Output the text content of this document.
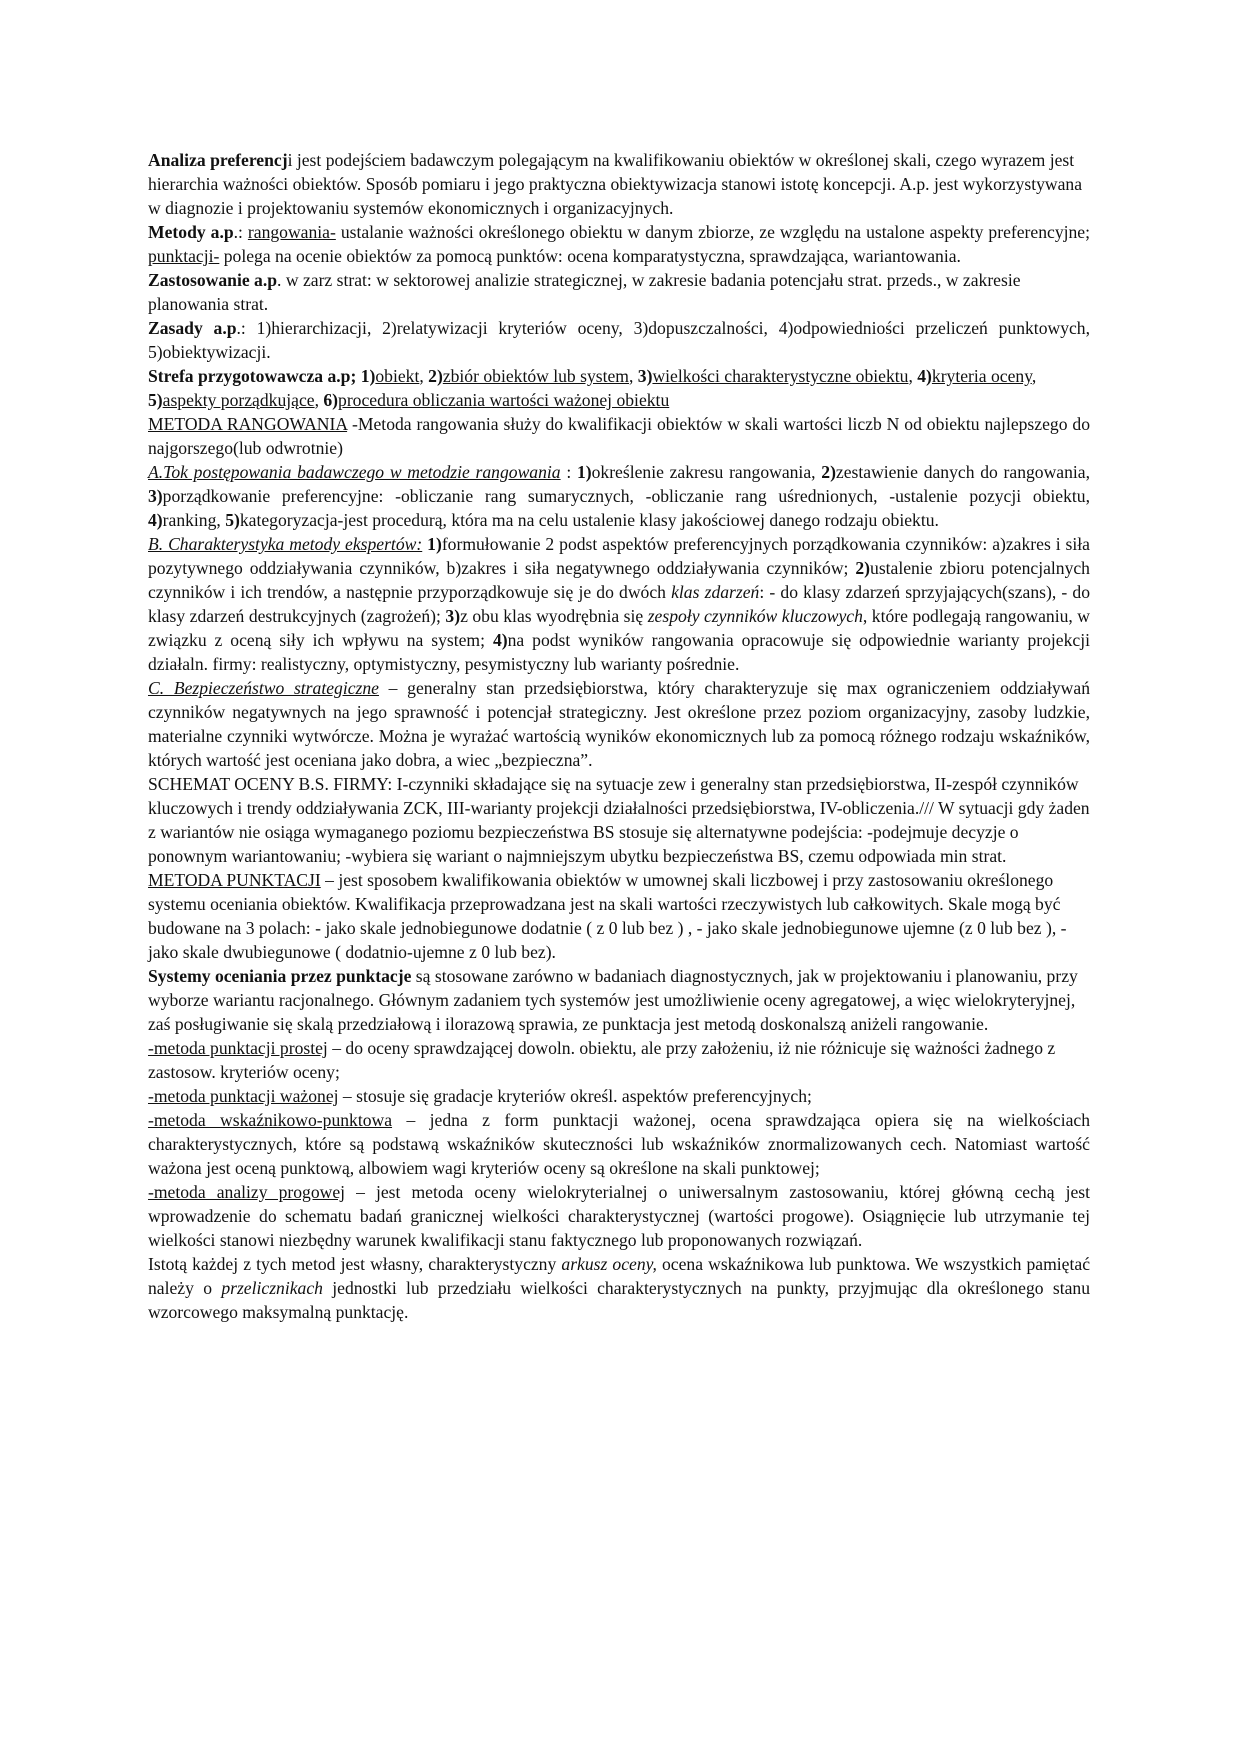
Analiza preferencji jest podejściem badawczym polegającym na kwalifikowaniu obiektów w określonej skali, czego wyrazem jest hierarchia ważności obiektów. Sposób pomiaru i jego praktyczna obiektywizacja stanowi istotę koncepcji. A.p. jest wykorzystywana w diagnozie i projektowaniu systemów ekonomicznych i organizacyjnych.

Metody a.p.: rangowania- ustalanie ważności określonego obiektu w danym zbiorze, ze względu na ustalone aspekty preferencyjne; punktacji- polega na ocenie obiektów za pomocą punktów: ocena komparatystyczna, sprawdzająca, wariantowania.

Zastosowanie a.p. w zarz strat: w sektorowej analizie strategicznej, w zakresie badania potencjału strat. przeds., w zakresie planowania strat.

Zasady a.p.: 1)hierarchizacji, 2)relatywizacji kryteriów oceny, 3)dopuszczalności, 4)odpowiedniości przeliczeń punktowych, 5)obiektywizacji.

Strefa przygotowawcza a.p; 1)obiekt, 2)zbiór obiektów lub system, 3)wielkości charakterystyczne obiektu, 4)kryteria oceny, 5)aspekty porządkujące, 6)procedura obliczania wartości ważonej obiektu

METODA RANGOWANIA -Metoda rangowania służy do kwalifikacji obiektów w skali wartości liczb N od obiektu najlepszego do najgorszego(lub odwrotnie)

A.Tok postępowania badawczego w metodzie rangowania : 1)określenie zakresu rangowania, 2)zestawienie danych do rangowania, 3)porządkowanie preferencyjne: -obliczanie rang sumarycznych, -obliczanie rang uśrednionych, -ustalenie pozycji obiektu, 4)ranking, 5)kategoryzacja-jest procedurą, która ma na celu ustalenie klasy jakościowej danego rodzaju obiektu.

B. Charakterystyka metody ekspertów: 1)formułowanie 2 podst aspektów preferencyjnych porządkowania czynników: a)zakres i siła pozytywnego oddziaływania czynników, b)zakres i siła negatywnego oddziaływania czynników; 2)ustalenie zbioru potencjalnych czynników i ich trendów, a następnie przyporządkowuje się je do dwóch klas zdarzeń: - do klasy zdarzeń sprzyjających(szans), - do klasy zdarzeń destrukcyjnych (zagrożeń); 3)z obu klas wyodrębnia się zespoły czynników kluczowych, które podlegają rangowaniu, w związku z oceną siły ich wpływu na system; 4)na podst wyników rangowania opracowuje się odpowiednie warianty projekcji działaln. firmy: realistyczny, optymistyczny, pesymistyczny lub warianty pośrednie.

C. Bezpieczeństwo strategiczne – generalny stan przedsiębiorstwa, który charakteryzuje się max ograniczeniem oddziaływań czynników negatywnych na jego sprawność i potencjał strategiczny. Jest określone przez poziom organizacyjny, zasoby ludzkie, materialne czynniki wytwórcze. Można je wyrażać wartością wyników ekonomicznych lub za pomocą różnego rodzaju wskaźników, których wartość jest oceniana jako dobra, a wiec „bezpieczna”.

SCHEMAT OCENY B.S. FIRMY: I-czynniki składające się na sytuacje zew i generalny stan przedsiębiorstwa, II-zespół czynników kluczowych i trendy oddziaływania ZCK, III-warianty projekcji działalności przedsiębiorstwa, IV-obliczenia./// W sytuacji gdy żaden z wariantów nie osiąga wymaganego poziomu bezpieczeństwa BS stosuje się alternatywne podejścia: -podejmuje decyzje o ponownym wariantowaniu; -wybiera się wariant o najmniejszym ubytku bezpieczeństwa BS, czemu odpowiada min strat.

METODA PUNKTACJI – jest sposobem kwalifikowania obiektów w umownej skali liczbowej i przy zastosowaniu określonego systemu oceniania obiektów. Kwalifikacja przeprowadzana jest na skali wartości rzeczywistych lub całkowitych. Skale mogą być budowane na 3 polach: - jako skale jednobiegunowe dodatnie ( z 0 lub bez ) , - jako skale jednobiegunowe ujemne (z 0 lub bez ), - jako skale dwubiegunowe ( dodatnio-ujemne z 0 lub bez).

Systemy oceniania przez punktacje są stosowane zarówno w badaniach diagnostycznych, jak w projektowaniu i planowaniu, przy wyborze wariantu racjonalnego. Głównym zadaniem tych systemów jest umożliwienie oceny agregatowej, a więc wielokryteryjnej, zaś posługiwanie się skalą przedziałową i ilorazową sprawia, ze punktacja jest metodą doskonalszą aniżeli rangowanie.

-metoda punktacji prostej – do oceny sprawdzającej dowoln. obiektu, ale przy założeniu, iż nie różnicuje się ważności żadnego z zastosow. kryteriów oceny;

-metoda punktacji ważonej – stosuje się gradacje kryteriów określ. aspektów preferencyjnych;

-metoda wskaźnikowo-punktowa – jedna z form punktacji ważonej, ocena sprawdzająca opiera się na wielkościach charakterystycznych, które są podstawą wskaźników skuteczności lub wskaźników znormalizowanych cech. Natomiast wartość ważona jest oceną punktową, albowiem wagi kryteriów oceny są określone na skali punktowej;

-metoda analizy progowej – jest metoda oceny wielokryterialnej o uniwersalnym zastosowaniu, której główną cechą jest wprowadzenie do schematu badań granicznej wielkości charakterystycznej (wartości progowe). Osiągnięcie lub utrzymanie tej wielkości stanowi niezbędny warunek kwalifikacji stanu faktycznego lub proponowanych rozwiązań.

Istotą każdej z tych metod jest własny, charakterystyczny arkusz oceny, ocena wskaźnikowa lub punktowa. We wszystkich pamiętać należy o przelicznikach jednostki lub przedziału wielkości charakterystycznych na punkty, przyjmując dla określonego stanu wzorcowego maksymalną punktację.
